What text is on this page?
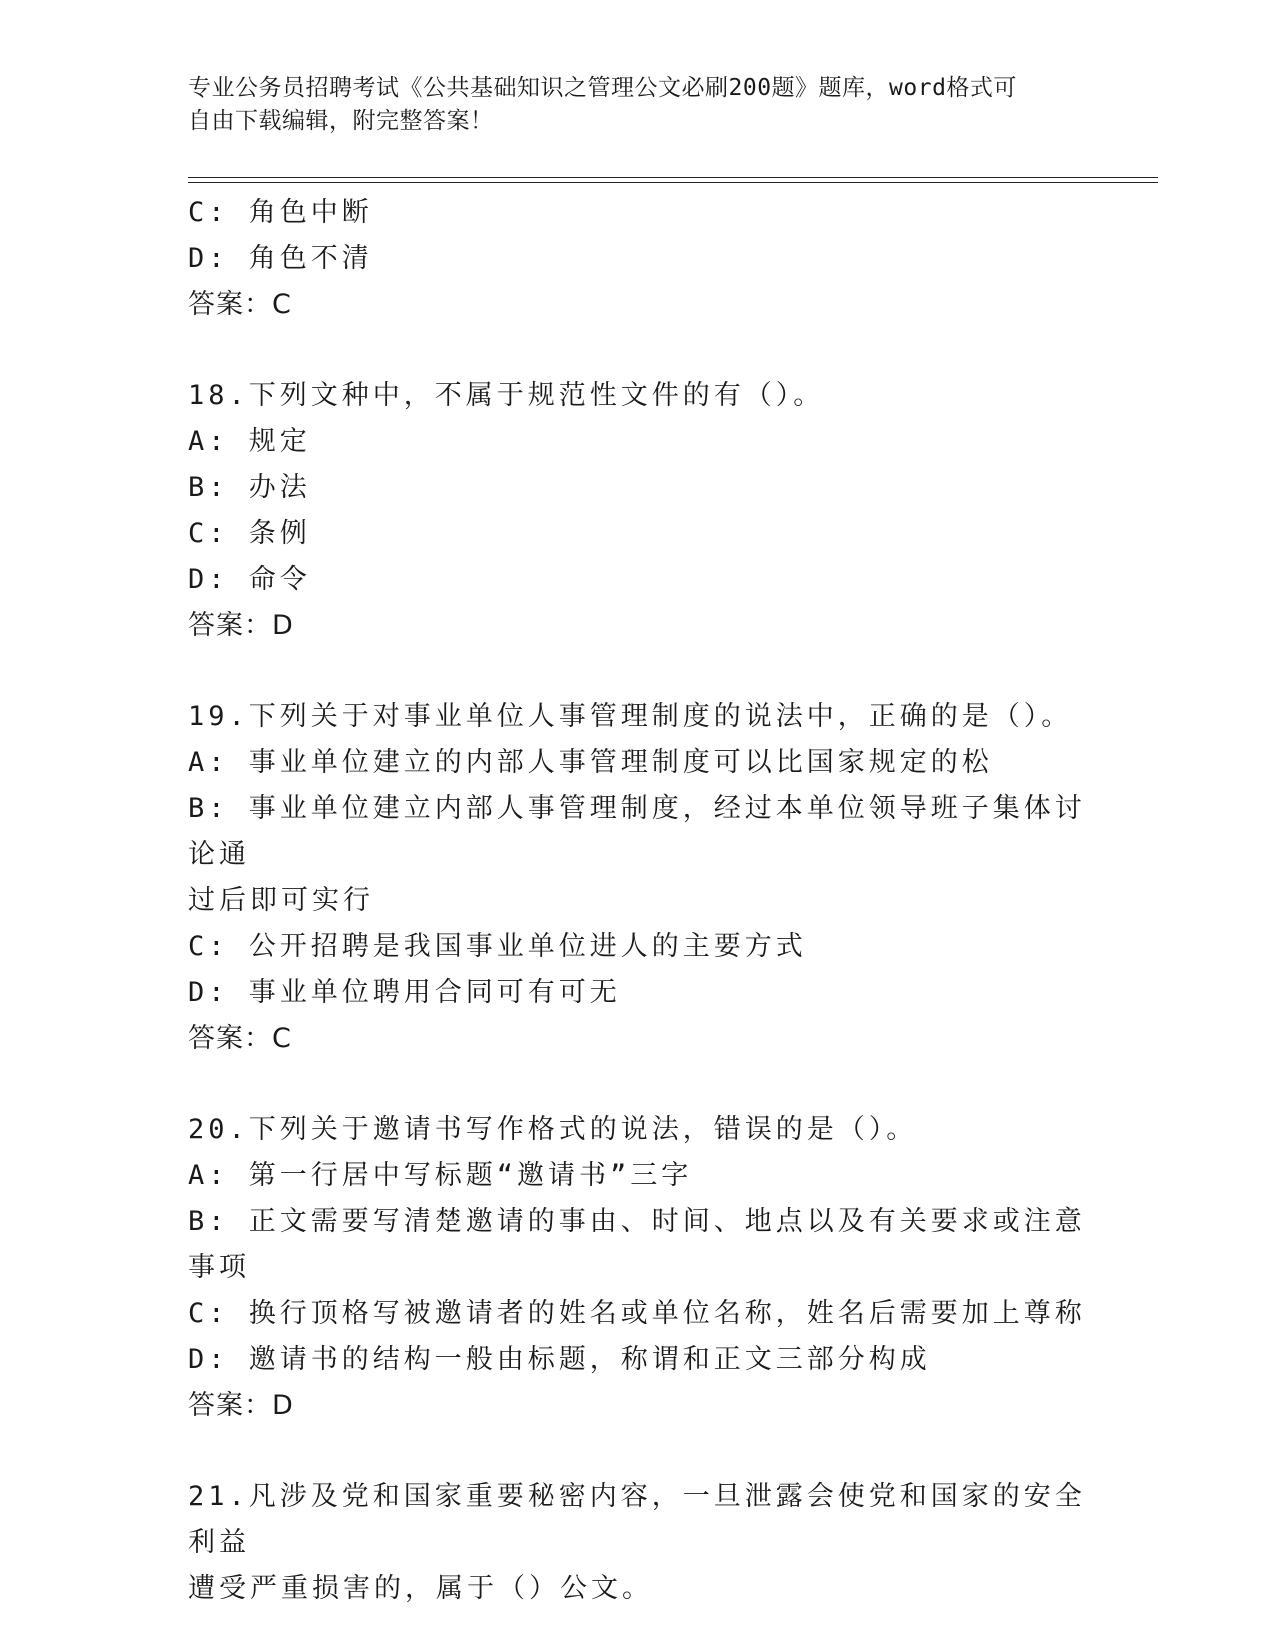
专业公务员招聘考试《公共基础知识之管理公文必刷200题》题库，word格式可
自由下载编辑，附完整答案！

C: 角色中断

D: 角色不清

答案：C

18.下列文种中，不属于规范性文件的有（）。

A: 规定

B: 办法

C: 条例

D: 命令

答案：D

19.下列关于对事业单位人事管理制度的说法中，正确的是（）。

A: 事业单位建立的内部人事管理制度可以比国家规定的松

B: 事业单位建立内部人事管理制度，经过本单位领导班子集体讨论通

过后即可实行

C: 公开招聘是我国事业单位进人的主要方式

D: 事业单位聘用合同可有可无

答案：C

20.下列关于邀请书写作格式的说法，错误的是（）。

A: 第一行居中写标题“邀请书”三字

B: 正文需要写清楚邀请的事由、时间、地点以及有关要求或注意事项

C: 换行顶格写被邀请者的姓名或单位名称，姓名后需要加上尊称

D: 邀请书的结构一般由标题，称谓和正文三部分构成

答案：D

21.凡涉及党和国家重要秘密内容，一旦泄露会使党和国家的安全利益

遭受严重损害的，属于（）公文。
